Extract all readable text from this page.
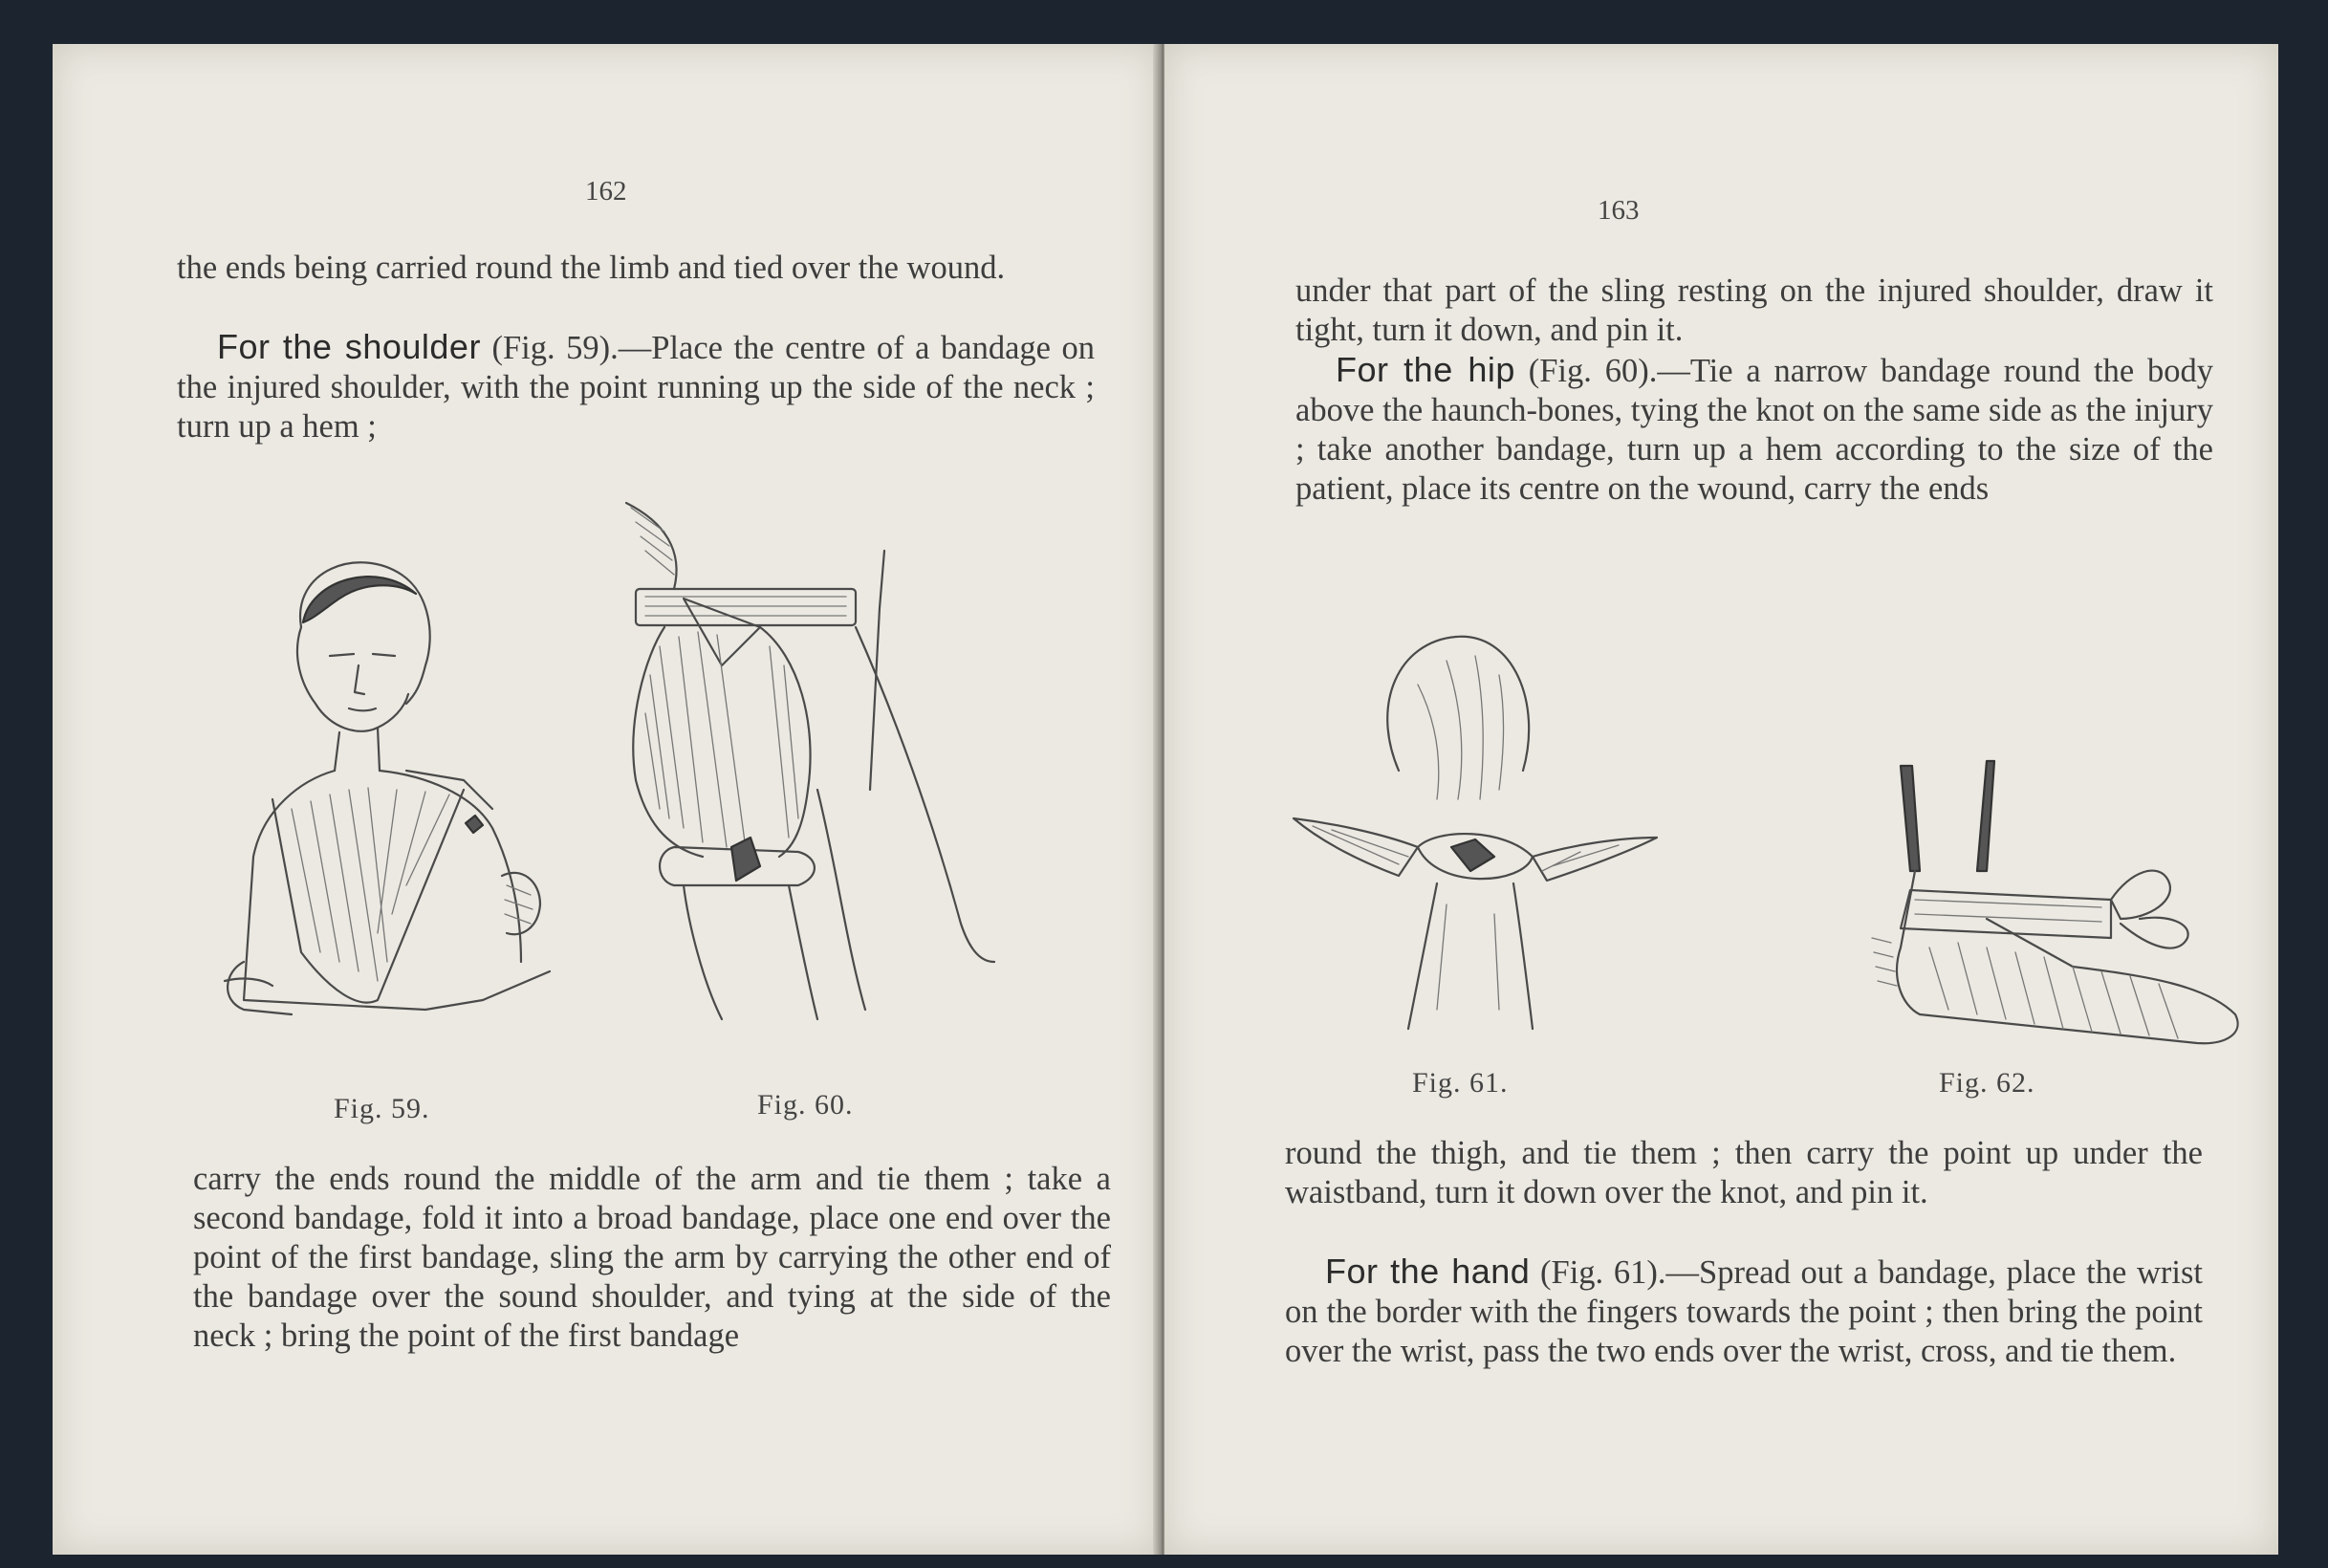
162

the ends being carried round the limb and tied over the wound.

For the shoulder (Fig. 59).—Place the centre of a bandage on the injured shoulder, with the point running up the side of the neck ; turn up a hem ;

Fig. 59.	Fig. 60.

carry the ends round the middle of the arm and tie them ; take a second bandage, fold it into a broad bandage, place one end over the point of the first bandage, sling the arm by carrying the other end of the bandage over the sound shoulder, and tying at the side of the neck ; bring the point of the first bandage

163

under that part of the sling resting on the injured shoulder, draw it tight, turn it down, and pin it.

For the hip (Fig. 60).—Tie a narrow bandage round the body above the haunch-bones, tying the knot on the same side as the injury ; take another bandage, turn up a hem according to the size of the patient, place its centre on the wound, carry the ends

Fig. 61.	Fig. 62.

round the thigh, and tie them ; then carry the point up under the waistband, turn it down over the knot, and pin it.

For the hand (Fig. 61).—Spread out a bandage, place the wrist on the border with the fingers towards the point ; then bring the point over the wrist, pass the two ends over the wrist, cross, and tie them.
